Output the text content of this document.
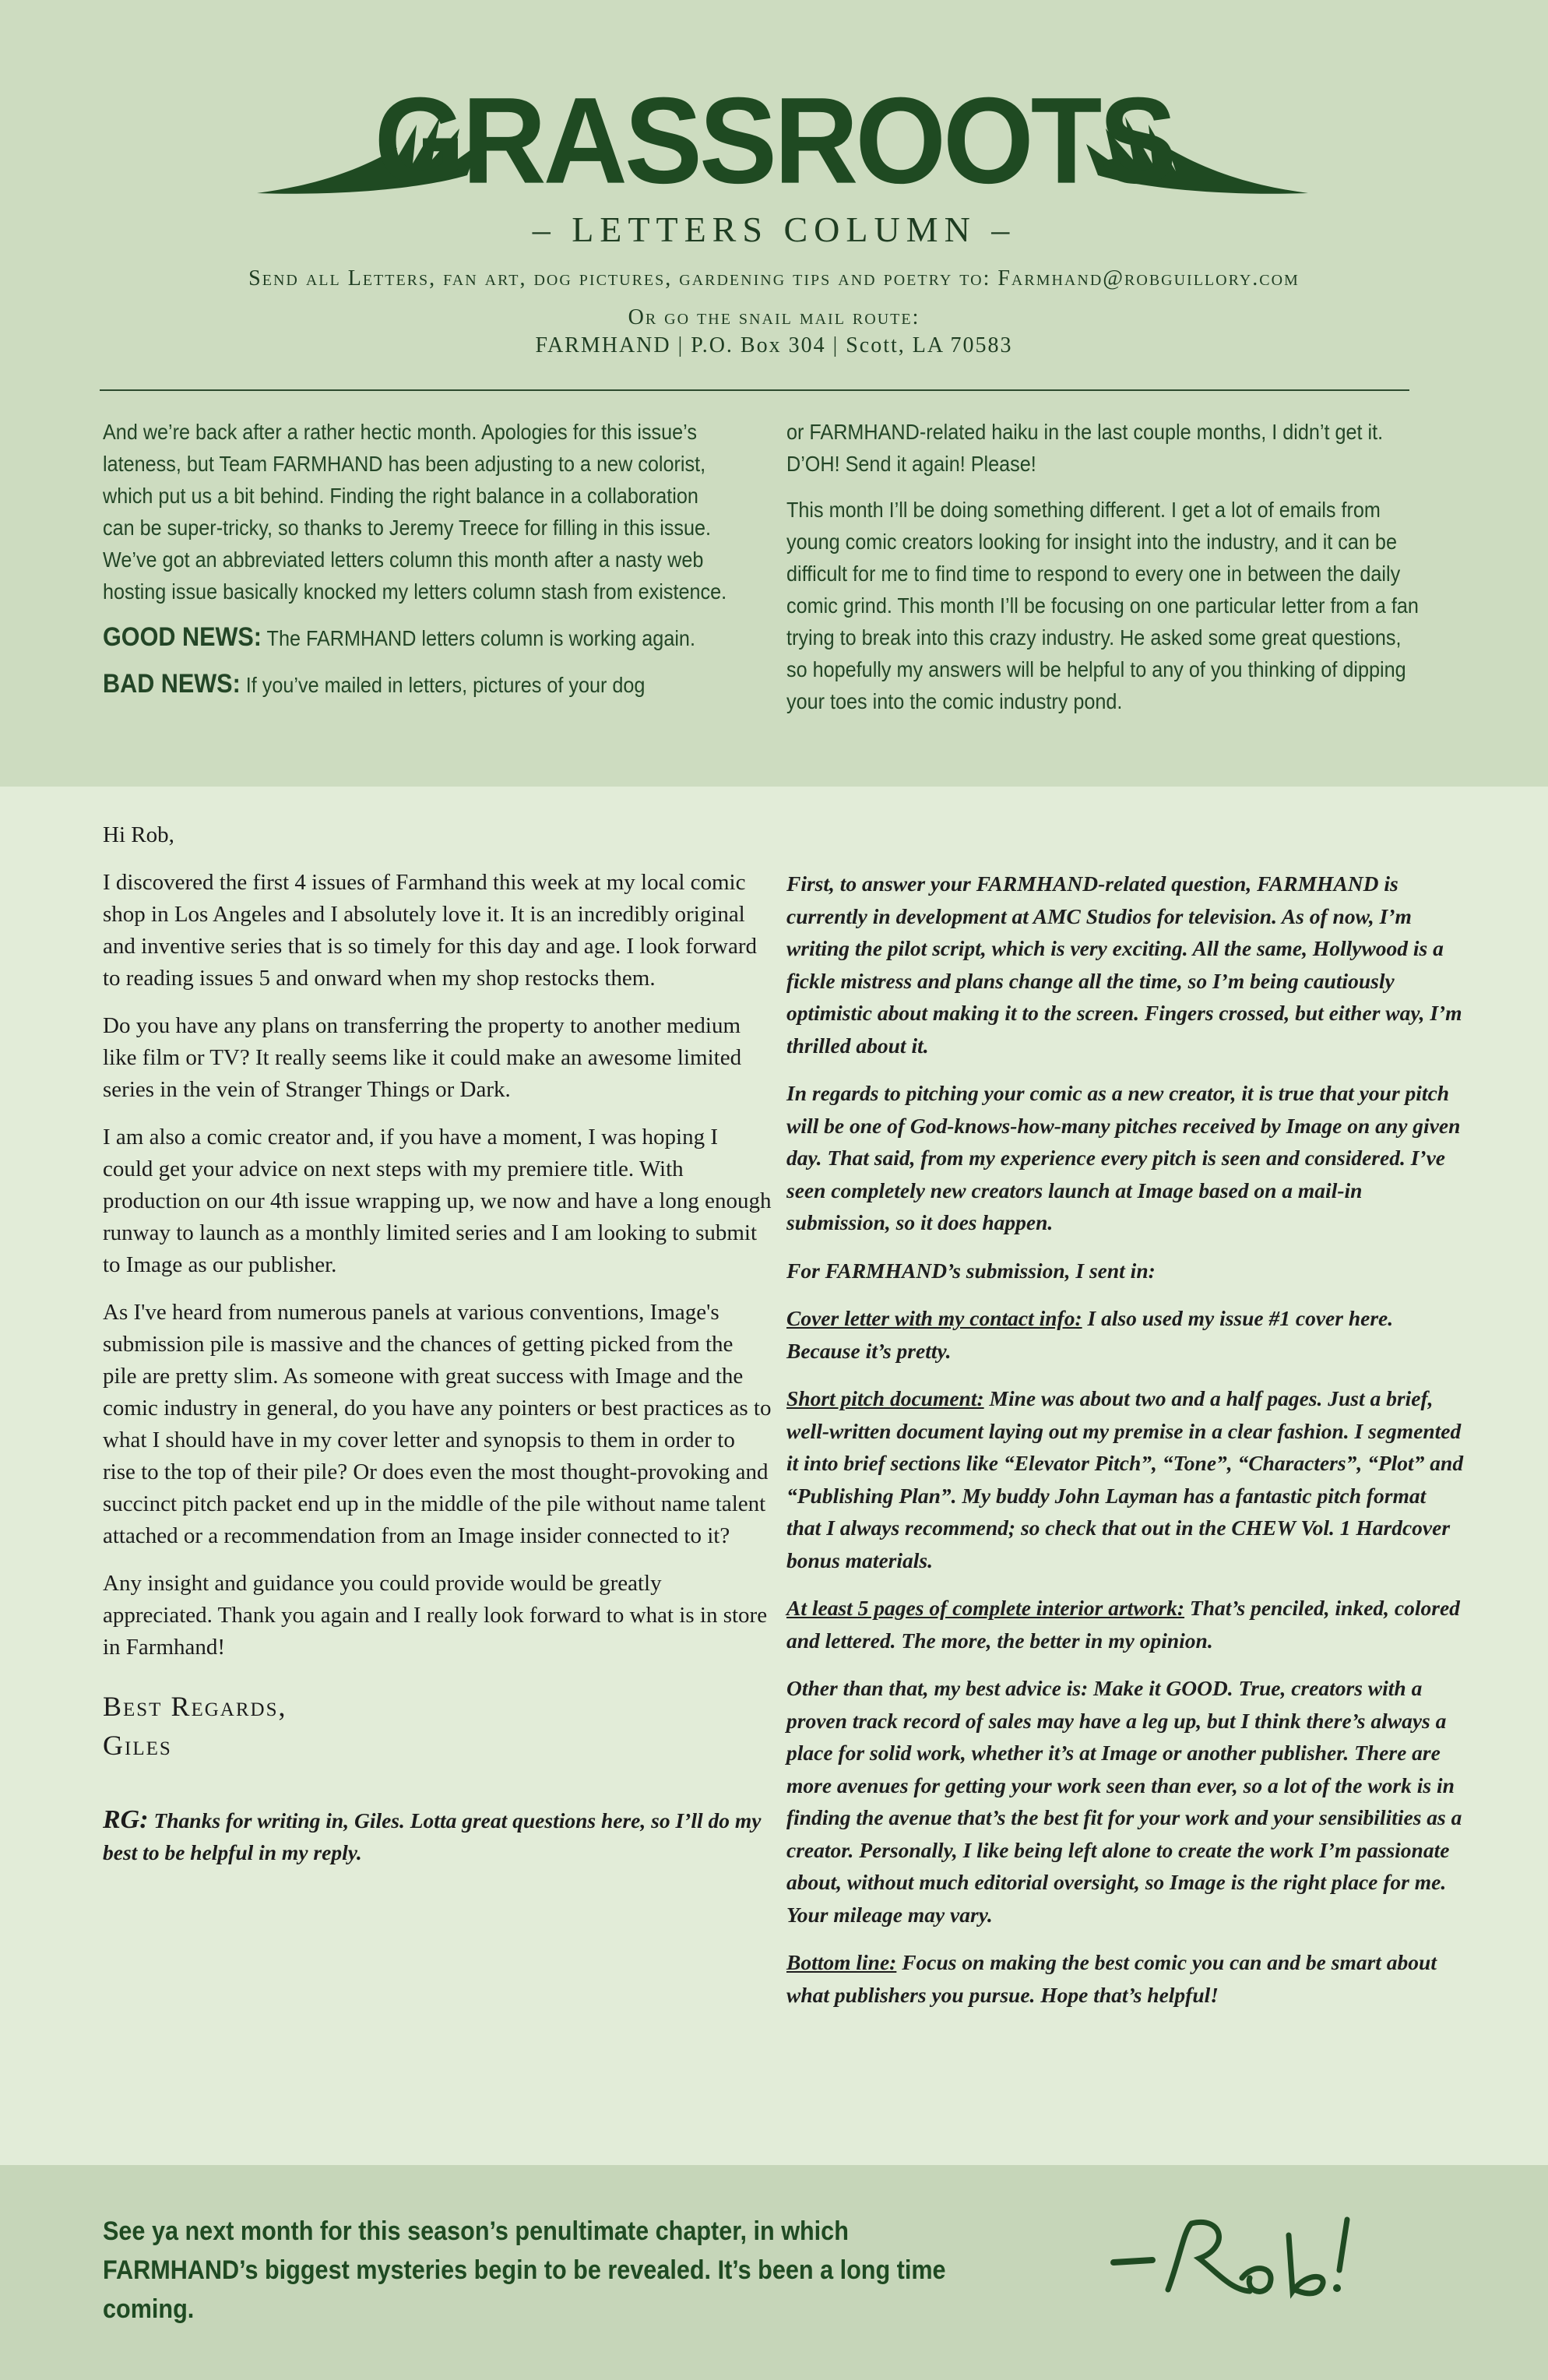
GRASSROOTS
– LETTERS COLUMN –
Send all Letters, fan art, dog pictures, gardening tips and poetry to: Farmhand@robguillory.com
Or go the snail mail route:
FARMHAND | P.O. Box 304 | Scott, LA 70583

And we’re back after a rather hectic month. Apologies for this issue’s lateness, but Team FARMHAND has been adjusting to a new colorist, which put us a bit behind. Finding the right balance in a collaboration can be super-tricky, so thanks to Jeremy Treece for filling in this issue. We’ve got an abbreviated letters column this month after a nasty web hosting issue basically knocked my letters column stash from existence.

GOOD NEWS: The FARMHAND letters column is working again.

BAD NEWS: If you’ve mailed in letters, pictures of your dog

or FARMHAND-related haiku in the last couple months, I didn’t get it. D’OH! Send it again! Please!

This month I’ll be doing something different. I get a lot of emails from young comic creators looking for insight into the industry, and it can be difficult for me to find time to respond to every one in between the daily comic grind. This month I’ll be focusing on one particular letter from a fan trying to break into this crazy industry. He asked some great questions, so hopefully my answers will be helpful to any of you thinking of dipping your toes into the comic industry pond.

Hi Rob,

I discovered the first 4 issues of Farmhand this week at my local comic shop in Los Angeles and I absolutely love it. It is an incredibly original and inventive series that is so timely for this day and age. I look forward to reading issues 5 and onward when my shop restocks them.

Do you have any plans on transferring the property to another medium like film or TV? It really seems like it could make an awesome limited series in the vein of Stranger Things or Dark.

I am also a comic creator and, if you have a moment, I was hoping I could get your advice on next steps with my premiere title. With production on our 4th issue wrapping up, we now and have a long enough runway to launch as a monthly limited series and I am looking to submit to Image as our publisher.

As I've heard from numerous panels at various conventions, Image's submission pile is massive and the chances of getting picked from the pile are pretty slim. As someone with great success with Image and the comic industry in general, do you have any pointers or best practices as to what I should have in my cover letter and synopsis to them in order to rise to the top of their pile? Or does even the most thought-provoking and succinct pitch packet end up in the middle of the pile without name talent attached or a recommendation from an Image insider connected to it?

Any insight and guidance you could provide would be greatly appreciated. Thank you again and I really look forward to what is in store in Farmhand!

Best Regards,
Giles

RG: Thanks for writing in, Giles. Lotta great questions here, so I’ll do my best to be helpful in my reply.

First, to answer your FARMHAND-related question, FARMHAND is currently in development at AMC Studios for television. As of now, I’m writing the pilot script, which is very exciting. All the same, Hollywood is a fickle mistress and plans change all the time, so I’m being cautiously optimistic about making it to the screen. Fingers crossed, but either way, I’m thrilled about it.

In regards to pitching your comic as a new creator, it is true that your pitch will be one of God-knows-how-many pitches received by Image on any given day. That said, from my experience every pitch is seen and considered. I’ve seen completely new creators launch at Image based on a mail-in submission, so it does happen.

For FARMHAND’s submission, I sent in:

Cover letter with my contact info: I also used my issue #1 cover here. Because it’s pretty.

Short pitch document: Mine was about two and a half pages. Just a brief, well-written document laying out my premise in a clear fashion. I segmented it into brief sections like “Elevator Pitch”, “Tone”, “Characters”, “Plot” and “Publishing Plan”. My buddy John Layman has a fantastic pitch format that I always recommend; so check that out in the CHEW Vol. 1 Hardcover bonus materials.

At least 5 pages of complete interior artwork: That’s penciled, inked, colored and lettered. The more, the better in my opinion.

Other than that, my best advice is: Make it GOOD. True, creators with a proven track record of sales may have a leg up, but I think there’s always a place for solid work, whether it’s at Image or another publisher. There are more avenues for getting your work seen than ever, so a lot of the work is in finding the avenue that’s the best fit for your work and your sensibilities as a creator. Personally, I like being left alone to create the work I’m passionate about, without much editorial oversight, so Image is the right place for me. Your mileage may vary.

Bottom line: Focus on making the best comic you can and be smart about what publishers you pursue. Hope that’s helpful!

See ya next month for this season’s penultimate chapter, in which FARMHAND’s biggest mysteries begin to be revealed. It’s been a long time coming.
